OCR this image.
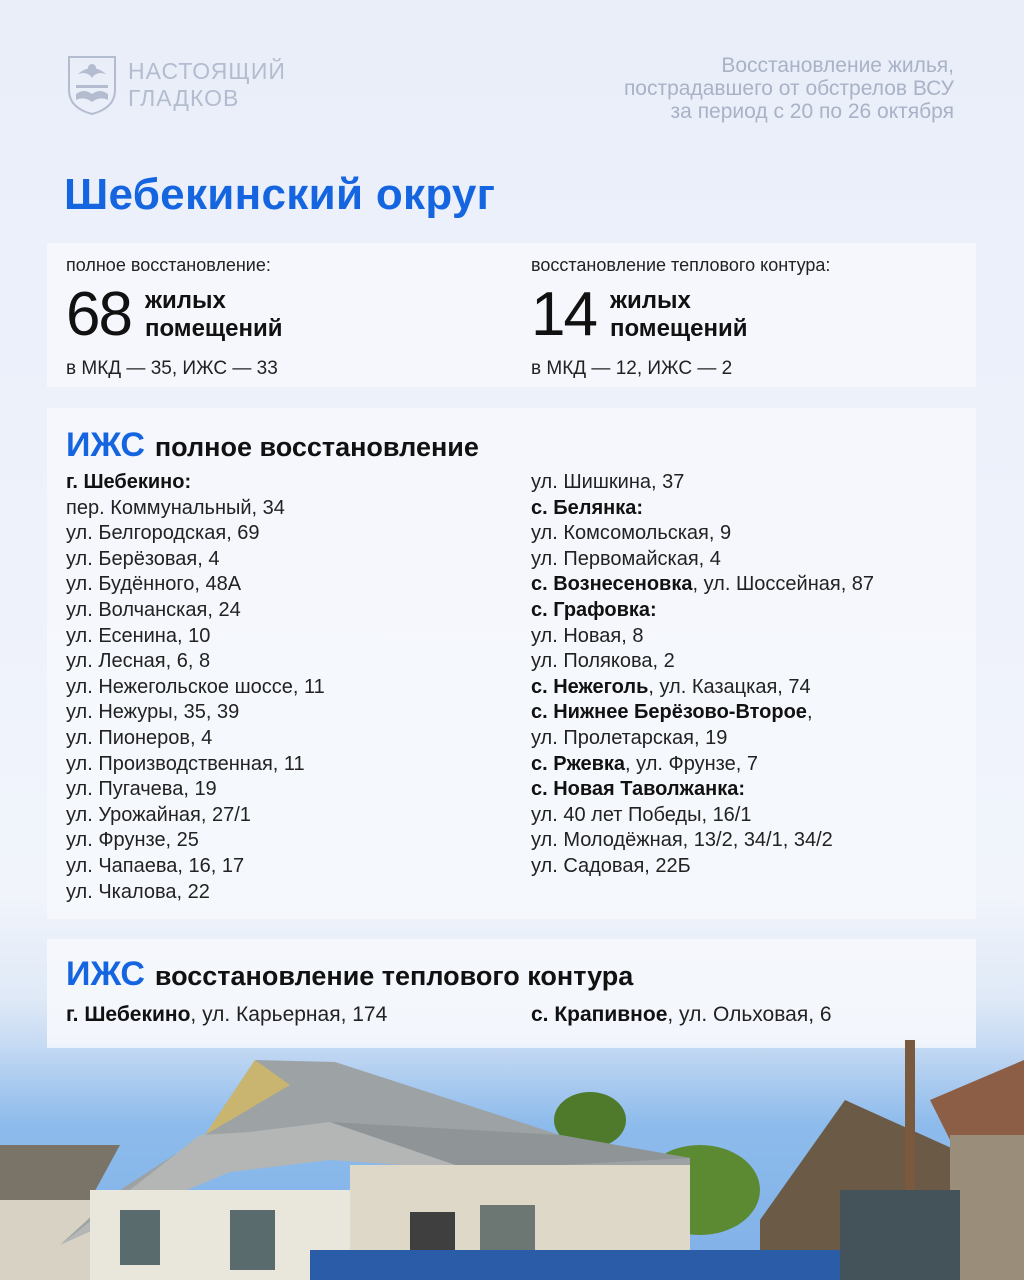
НАСТОЯЩИЙ
ГЛАДКОВ
Восстановление жилья,
пострадавшего от обстрелов ВСУ
за период с 20 по 26 октября
Шебекинский округ
полное восстановление:
68 жилых
помещений
в МКД — 35, ИЖС — 33
восстановление теплового контура:
14 жилых
помещений
в МКД — 12, ИЖС — 2
ИЖС полное восстановление
г. Шебекино:
пер. Коммунальный, 34
ул. Белгородская, 69
ул. Берёзовая, 4
ул. Будённого, 48А
ул. Волчанская, 24
ул. Есенина, 10
ул. Лесная, 6, 8
ул. Нежегольское шоссе, 11
ул. Нежуры, 35, 39
ул. Пионеров, 4
ул. Производственная, 11
ул. Пугачева, 19
ул. Урожайная, 27/1
ул. Фрунзе, 25
ул. Чапаева, 16, 17
ул. Чкалова, 22
ул. Шишкина, 37
с. Белянка:
ул. Комсомольская, 9
ул. Первомайская, 4
с. Вознесеновка, ул. Шоссейная, 87
с. Графовка:
ул. Новая, 8
ул. Полякова, 2
с. Нежеголь, ул. Казацкая, 74
с. Нижнее Берёзово-Второе,
ул. Пролетарская, 19
с. Ржевка, ул. Фрунзе, 7
с. Новая Таволжанка:
ул. 40 лет Победы, 16/1
ул. Молодёжная, 13/2, 34/1, 34/2
ул. Садовая, 22Б
ИЖС восстановление теплового контура
г. Шебекино, ул. Карьерная, 174	с. Крапивное, ул. Ольховая, 6
